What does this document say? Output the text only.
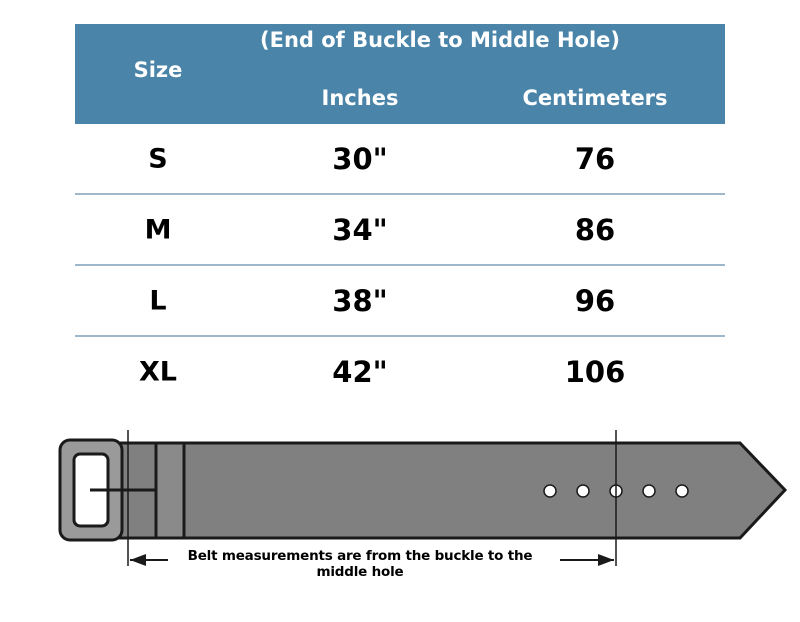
(End of Buckle to Middle Hole)
Size
Inches	Centimeters
S	30"	76
M	34"	86
L	38"	96
XL	42"	106
Belt measurements are from the buckle to the middle hole
